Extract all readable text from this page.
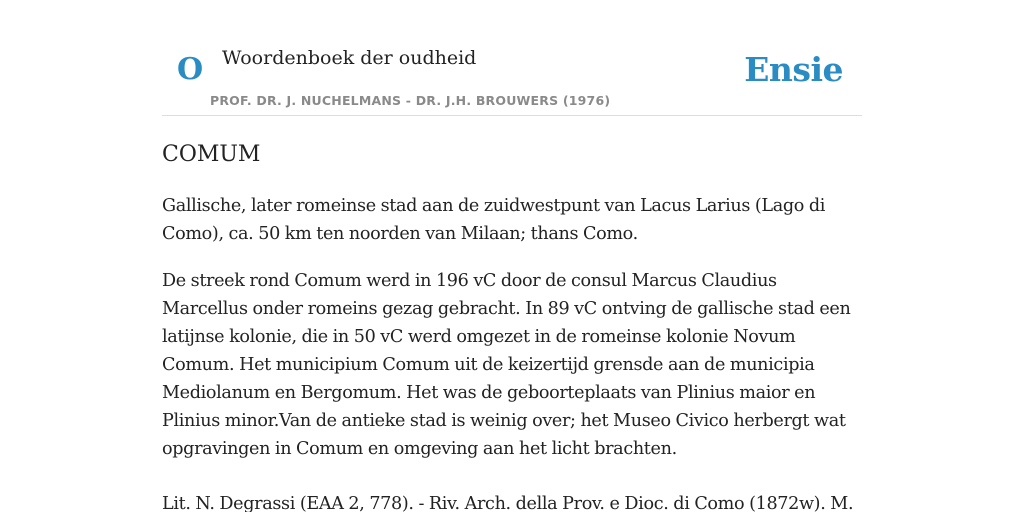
O Woordenboek der oudheid
PROF. DR. J. NUCHELMANS - DR. J.H. BROUWERS (1976)
Ensie
COMUM

Gallische, later romeinse stad aan de zuidwestpunt van Lacus Larius (Lago di Como), ca. 50 km ten noorden van Milaan; thans Como.

De streek rond Comum werd in 196 vC door de consul Marcus Claudius Marcellus onder romeins gezag gebracht. In 89 vC ontving de gallische stad een latijnse kolonie, die in 50 vC werd omgezet in de romeinse kolonie Novum Comum. Het municipium Comum uit de keizertijd grensde aan de municipia Mediolanum en Bergomum. Het was de geboorteplaats van Plinius maior en Plinius minor.Van de antieke stad is weinig over; het Museo Civico herbergt wat opgravingen in Comum en omgeving aan het licht brachten.

Lit. N. Degrassi (EAA 2, 778). - Riv. Arch. della Prov. e Dioc. di Como (1872w). M.
